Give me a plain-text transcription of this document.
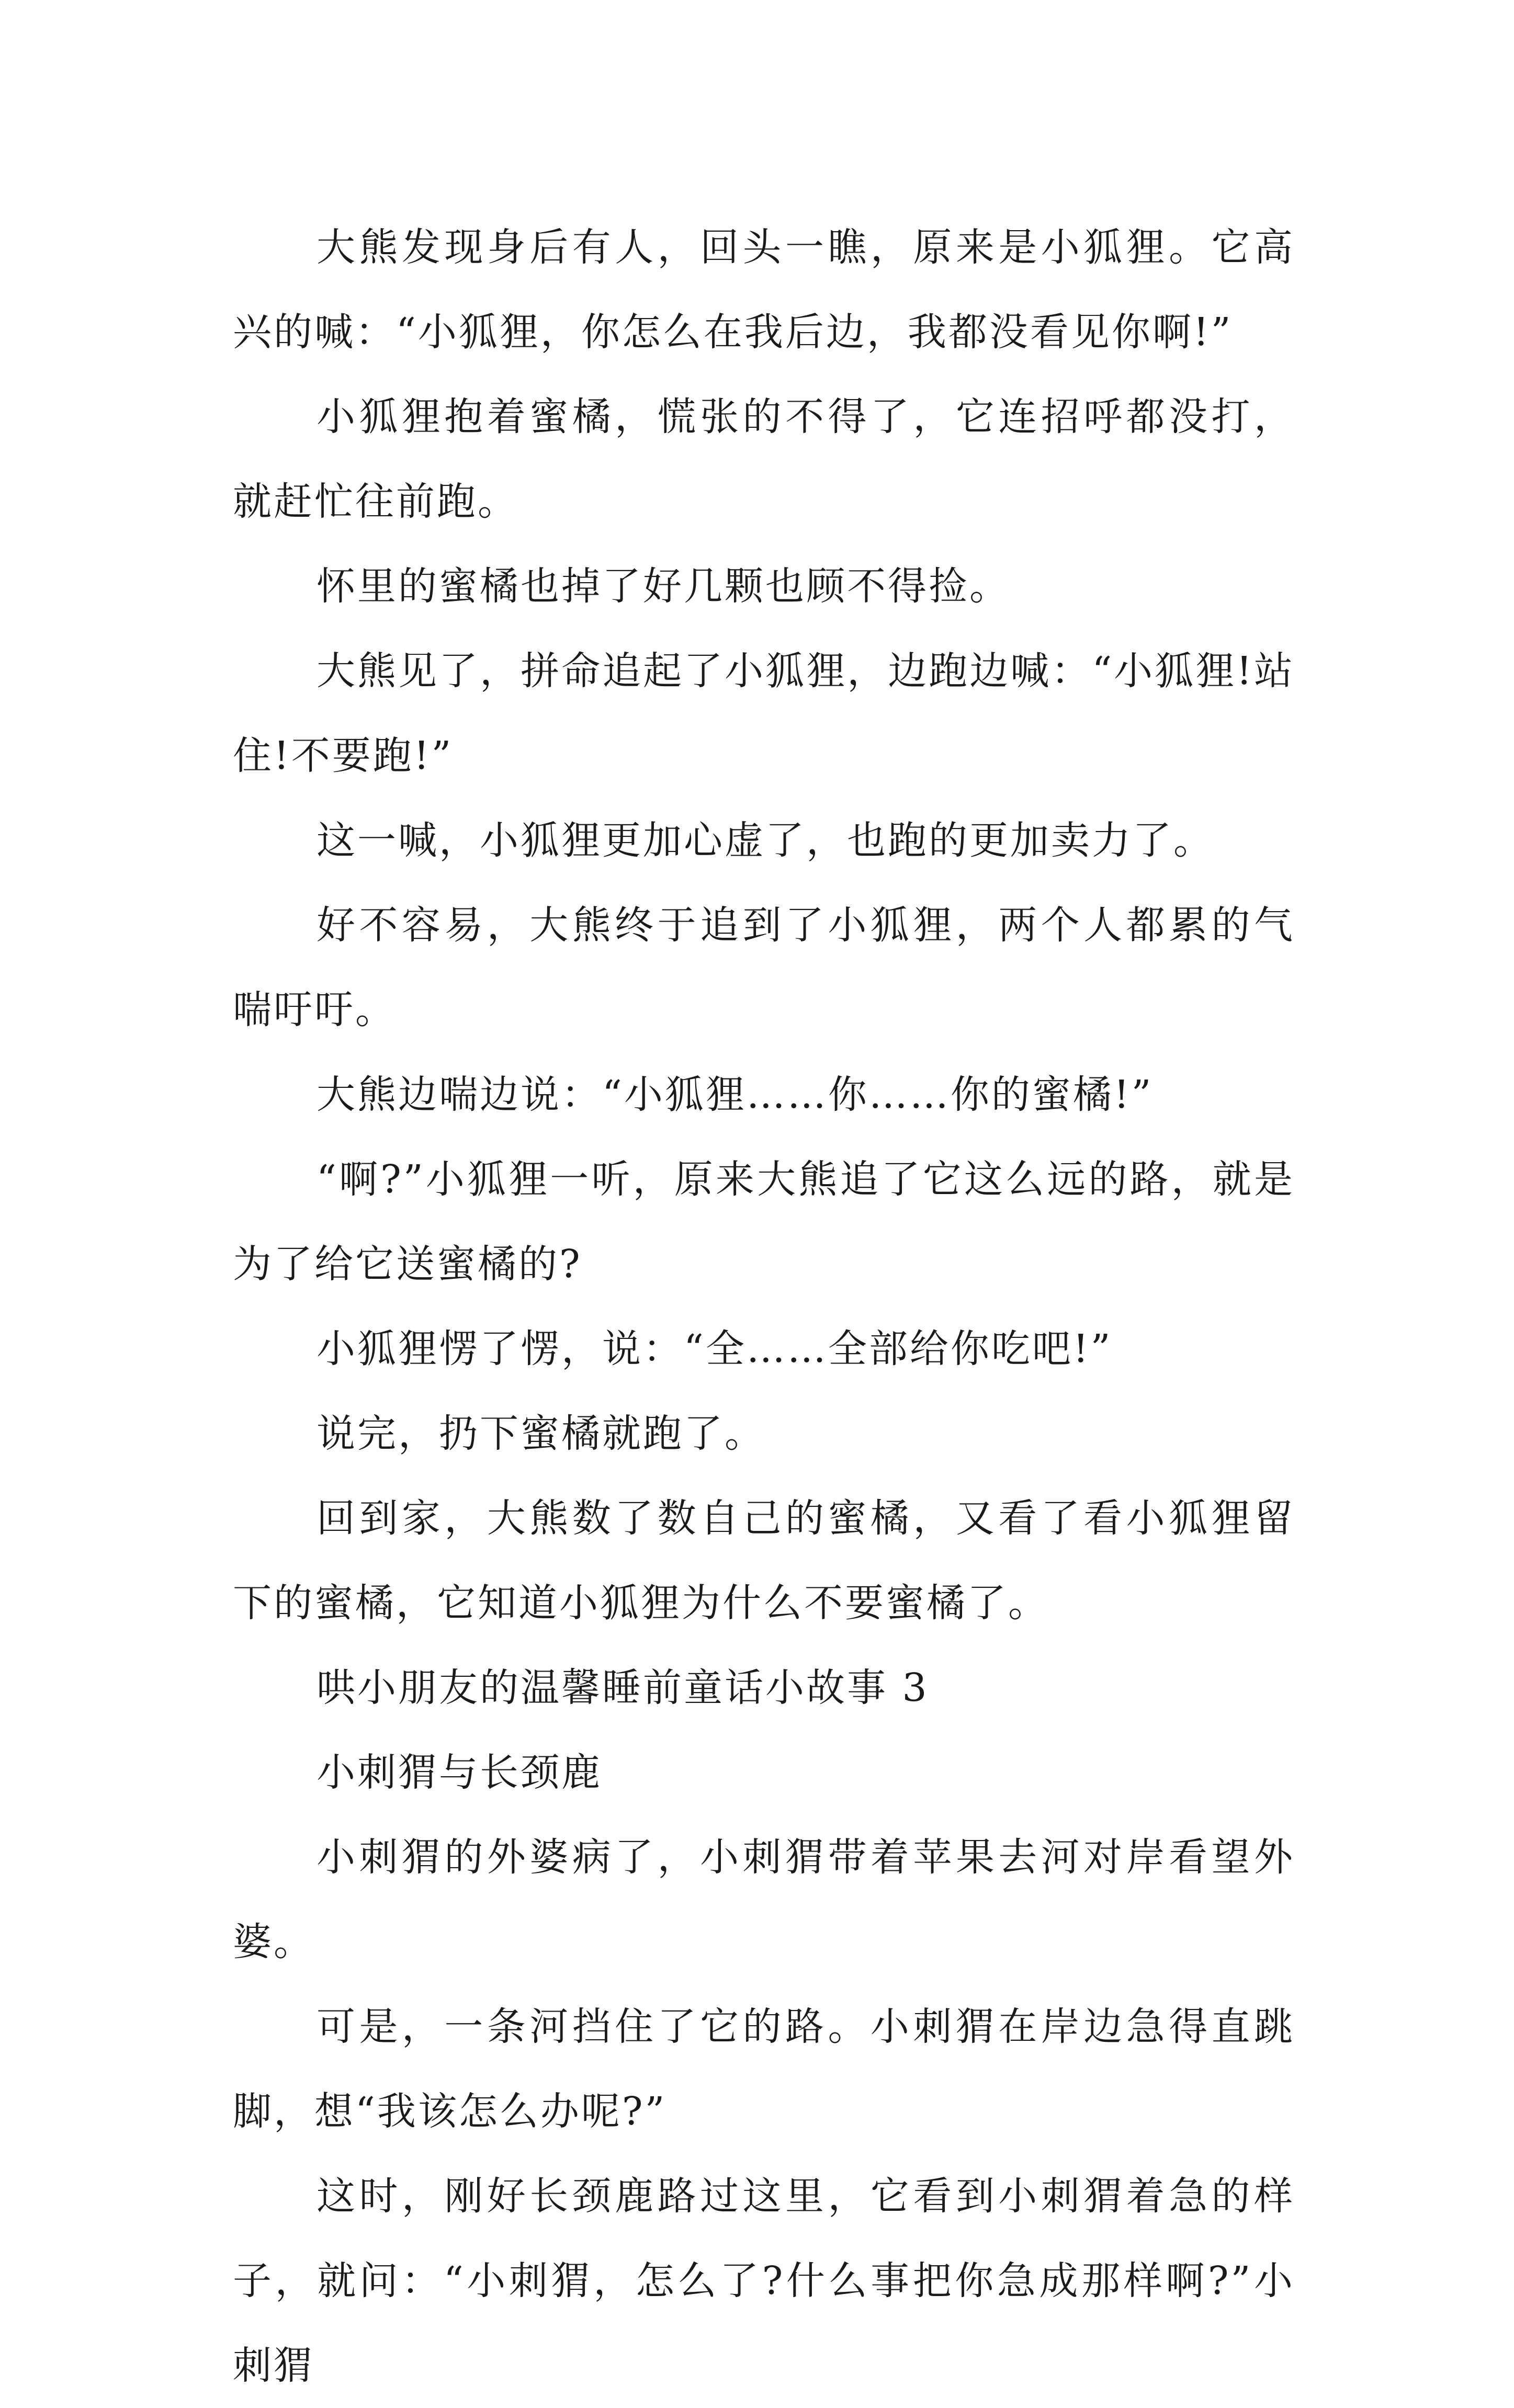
大熊发现身后有人，回头一瞧，原来是小狐狸。它高兴的喊：“小狐狸，你怎么在我后边，我都没看见你啊!”

小狐狸抱着蜜橘，慌张的不得了，它连招呼都没打，就赶忙往前跑。

怀里的蜜橘也掉了好几颗也顾不得捡。

大熊见了，拼命追起了小狐狸，边跑边喊：“小狐狸!站住!不要跑!”

这一喊，小狐狸更加心虚了，也跑的更加卖力了。

好不容易，大熊终于追到了小狐狸，两个人都累的气喘吁吁。

大熊边喘边说：“小狐狸……你……你的蜜橘!”

“啊?”小狐狸一听，原来大熊追了它这么远的路，就是为了给它送蜜橘的?

小狐狸愣了愣，说：“全……全部给你吃吧!”

说完，扔下蜜橘就跑了。

回到家，大熊数了数自己的蜜橘，又看了看小狐狸留下的蜜橘，它知道小狐狸为什么不要蜜橘了。

哄小朋友的温馨睡前童话小故事 3

小刺猬与长颈鹿

小刺猬的外婆病了，小刺猬带着苹果去河对岸看望外婆。

可是，一条河挡住了它的路。小刺猬在岸边急得直跳脚，想“我该怎么办呢?”

这时，刚好长颈鹿路过这里，它看到小刺猬着急的样子，就问：“小刺猬，怎么了?什么事把你急成那样啊?”小刺猬
